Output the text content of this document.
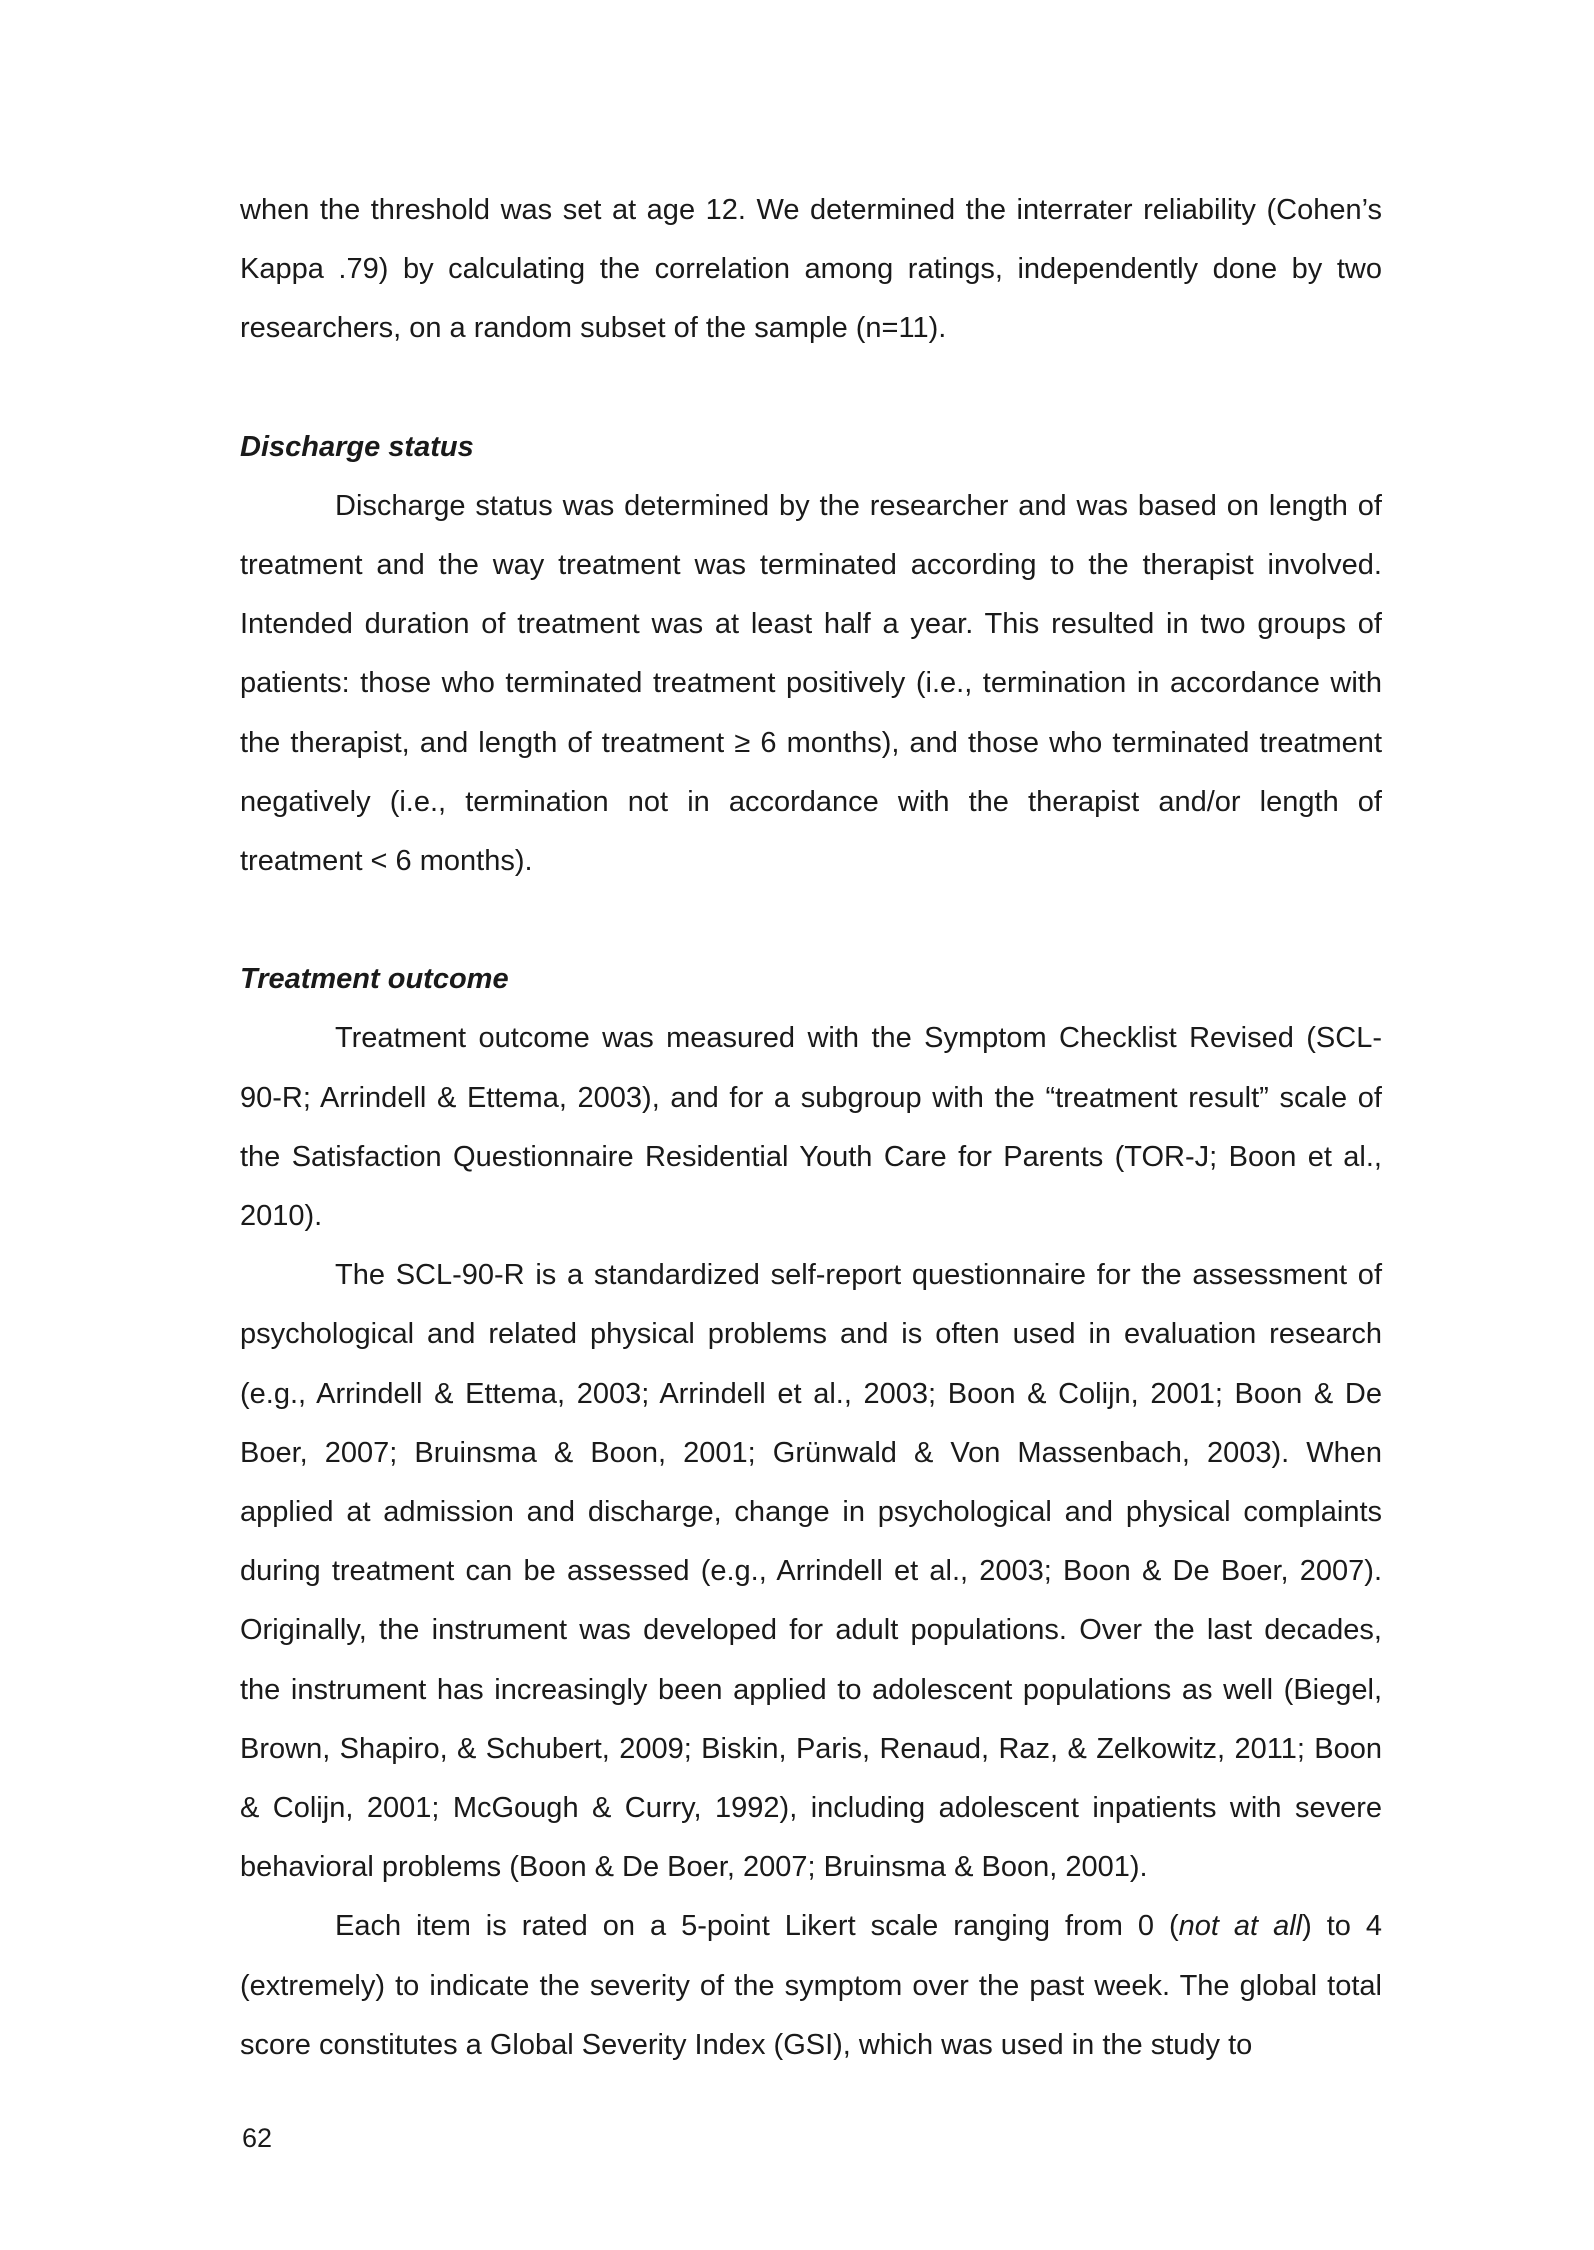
when the threshold was set at age 12. We determined the interrater reliability (Cohen’s Kappa .79) by calculating the correlation among ratings, independently done by two researchers, on a random subset of the sample (n=11).

Discharge status

Discharge status was determined by the researcher and was based on length of treatment and the way treatment was terminated according to the therapist involved. Intended duration of treatment was at least half a year. This resulted in two groups of patients: those who terminated treatment positively (i.e., termination in accordance with the therapist, and length of treatment ≥ 6 months), and those who terminated treatment negatively (i.e., termination not in accordance with the therapist and/or length of treatment < 6 months).

Treatment outcome

Treatment outcome was measured with the Symptom Checklist Revised (SCL-90-R; Arrindell & Ettema, 2003), and for a subgroup with the “treatment result” scale of the Satisfaction Questionnaire Residential Youth Care for Parents (TOR-J; Boon et al., 2010).

The SCL-90-R is a standardized self-report questionnaire for the assessment of psychological and related physical problems and is often used in evaluation research (e.g., Arrindell & Ettema, 2003; Arrindell et al., 2003; Boon & Colijn, 2001; Boon & De Boer, 2007; Bruinsma & Boon, 2001; Grünwald & Von Massenbach, 2003). When applied at admission and discharge, change in psychological and physical complaints during treatment can be assessed (e.g., Arrindell et al., 2003; Boon & De Boer, 2007). Originally, the instrument was developed for adult populations. Over the last decades, the instrument has increasingly been applied to adolescent populations as well (Biegel, Brown, Shapiro, & Schubert, 2009; Biskin, Paris, Renaud, Raz, & Zelkowitz, 2011; Boon & Colijn, 2001; McGough & Curry, 1992), including adolescent inpatients with severe behavioral problems (Boon & De Boer, 2007; Bruinsma & Boon, 2001).

Each item is rated on a 5-point Likert scale ranging from 0 (not at all) to 4 (extremely) to indicate the severity of the symptom over the past week. The global total score constitutes a Global Severity Index (GSI), which was used in the study to

62
